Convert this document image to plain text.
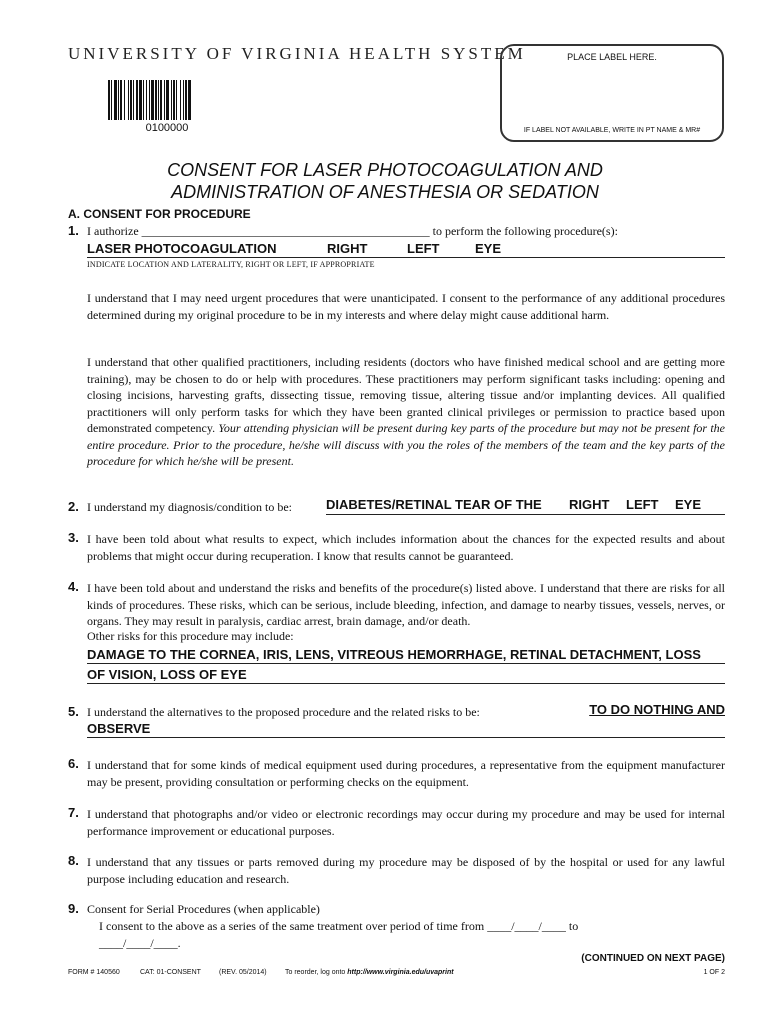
UNIVERSITY OF VIRGINIA HEALTH SYSTEM
0100000
PLACE LABEL HERE.
IF LABEL NOT AVAILABLE, WRITE IN PT NAME & MR#
CONSENT FOR LASER PHOTOCOAGULATION AND
ADMINISTRATION OF ANESTHESIA OR SEDATION
A. CONSENT FOR PROCEDURE
1. I authorize ________________________________________________ to perform the following procedure(s):
LASER PHOTOCOAGULATION	RIGHT	LEFT	EYE
INDICATE LOCATION AND LATERALITY, RIGHT OR LEFT, IF APPROPRIATE
I understand that I may need urgent procedures that were unanticipated. I consent to the performance of any additional procedures determined during my original procedure to be in my interests and where delay might cause additional harm.
I understand that other qualified practitioners, including residents (doctors who have finished medical school and are getting more training), may be chosen to do or help with procedures. These practitioners may perform significant tasks including: opening and closing incisions, harvesting grafts, dissecting tissue, removing tissue, altering tissue and/or implanting devices. All qualified practitioners will only perform tasks for which they have been granted clinical privileges or permission to practice based upon demonstrated competency. Your attending physician will be present during key parts of the procedure but may not be present for the entire procedure. Prior to the procedure, he/she will discuss with you the roles of the members of the team and the key parts of the procedure for which he/she will be present.
2. I understand my diagnosis/condition to be:	DIABETES/RETINAL TEAR OF THE RIGHT LEFT EYE
3. I have been told about what results to expect, which includes information about the chances for the expected results and about problems that might occur during recuperation. I know that results cannot be guaranteed.
4. I have been told about and understand the risks and benefits of the procedure(s) listed above. I understand that there are risks for all kinds of procedures. These risks, which can be serious, include bleeding, infection, and damage to nearby tissues, vessels, nerves, or organs. They may result in paralysis, cardiac arrest, brain damage, and/or death.
Other risks for this procedure may include:
DAMAGE TO THE CORNEA, IRIS, LENS, VITREOUS HEMORRHAGE, RETINAL DETACHMENT, LOSS
OF VISION, LOSS OF EYE
5. I understand the alternatives to the proposed procedure and the related risks to be:	TO DO NOTHING AND
OBSERVE
6. I understand that for some kinds of medical equipment used during procedures, a representative from the equipment manufacturer may be present, providing consultation or performing checks on the equipment.
7. I understand that photographs and/or video or electronic recordings may occur during my procedure and may be used for internal performance improvement or educational purposes.
8. I understand that any tissues or parts removed during my procedure may be disposed of by the hospital or used for any lawful purpose including education and research.
9. Consent for Serial Procedures (when applicable)
I consent to the above as a series of the same treatment over period of time from ____/____/____ to
____/____/____.
(CONTINUED ON NEXT PAGE)
FORM # 140560	CAT: 01-CONSENT	(REV. 05/2014)	To reorder, log onto http://www.virginia.edu/uvaprint	1 OF 2
